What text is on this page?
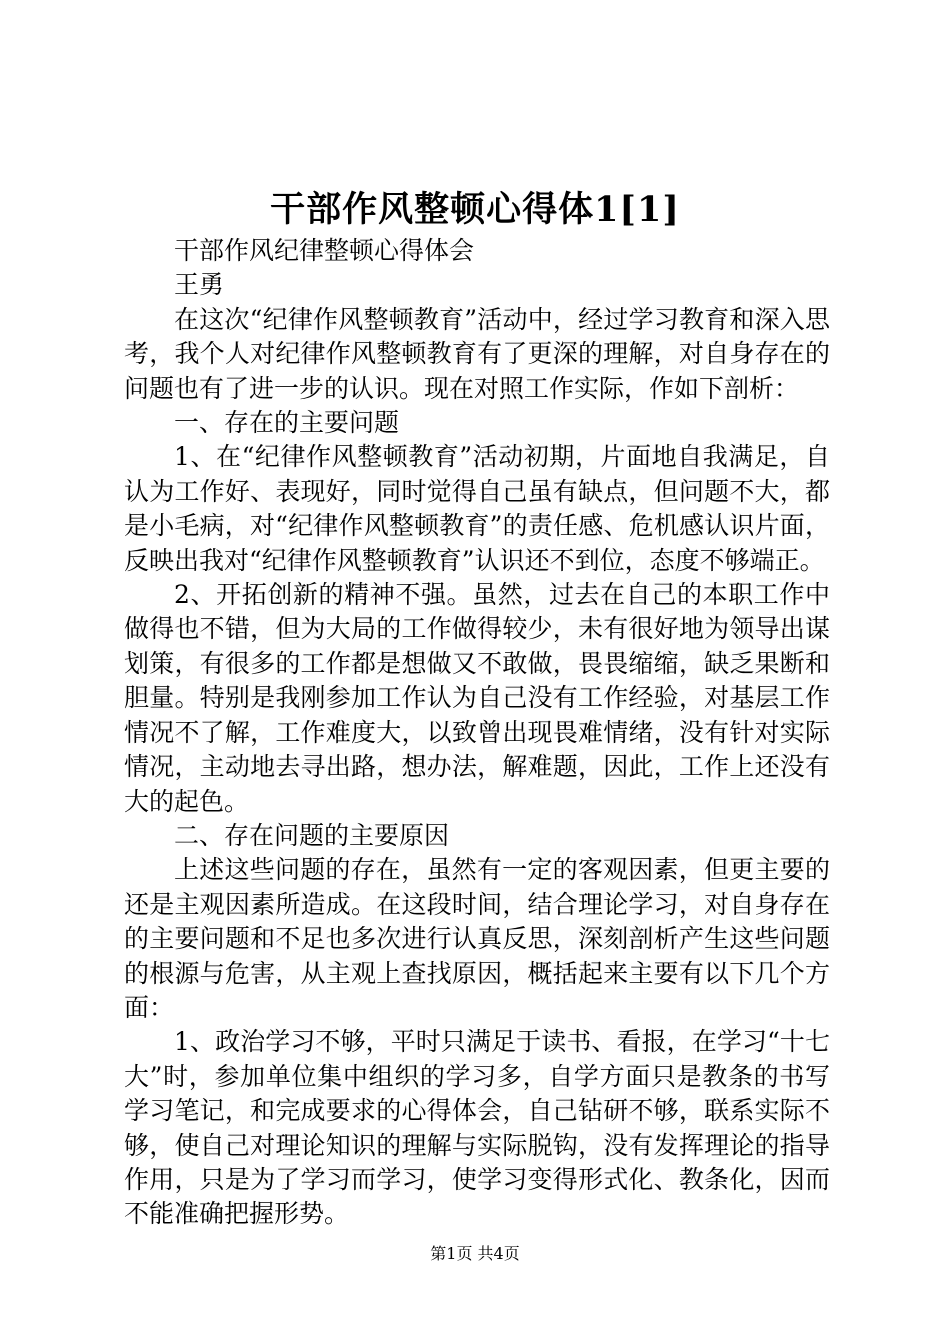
干部作风整顿心得体1[1]

干部作风纪律整顿心得体会

王勇

在这次“纪律作风整顿教育”活动中，经过学习教育和深入思考，我个人对纪律作风整顿教育有了更深的理解，对自身存在的问题也有了进一步的认识。现在对照工作实际，作如下剖析：

一、存在的主要问题

1、在“纪律作风整顿教育”活动初期，片面地自我满足，自认为工作好、表现好，同时觉得自己虽有缺点，但问题不大，都是小毛病，对“纪律作风整顿教育”的责任感、危机感认识片面，反映出我对“纪律作风整顿教育”认识还不到位，态度不够端正。

2、开拓创新的精神不强。虽然，过去在自己的本职工作中做得也不错，但为大局的工作做得较少，未有很好地为领导出谋划策，有很多的工作都是想做又不敢做，畏畏缩缩，缺乏果断和胆量。特别是我刚参加工作认为自己没有工作经验，对基层工作情况不了解，工作难度大，以致曾出现畏难情绪，没有针对实际情况，主动地去寻出路，想办法，解难题，因此，工作上还没有大的起色。

二、存在问题的主要原因

上述这些问题的存在，虽然有一定的客观因素，但更主要的还是主观因素所造成。在这段时间，结合理论学习，对自身存在的主要问题和不足也多次进行认真反思，深刻剖析产生这些问题的根源与危害，从主观上查找原因，概括起来主要有以下几个方面：

1、政治学习不够，平时只满足于读书、看报，在学习“十七大”时，参加单位集中组织的学习多，自学方面只是教条的书写学习笔记，和完成要求的心得体会，自己钻研不够，联系实际不够，使自己对理论知识的理解与实际脱钩，没有发挥理论的指导作用，只是为了学习而学习，使学习变得形式化、教条化，因而不能准确把握形势。

第1页 共4页
